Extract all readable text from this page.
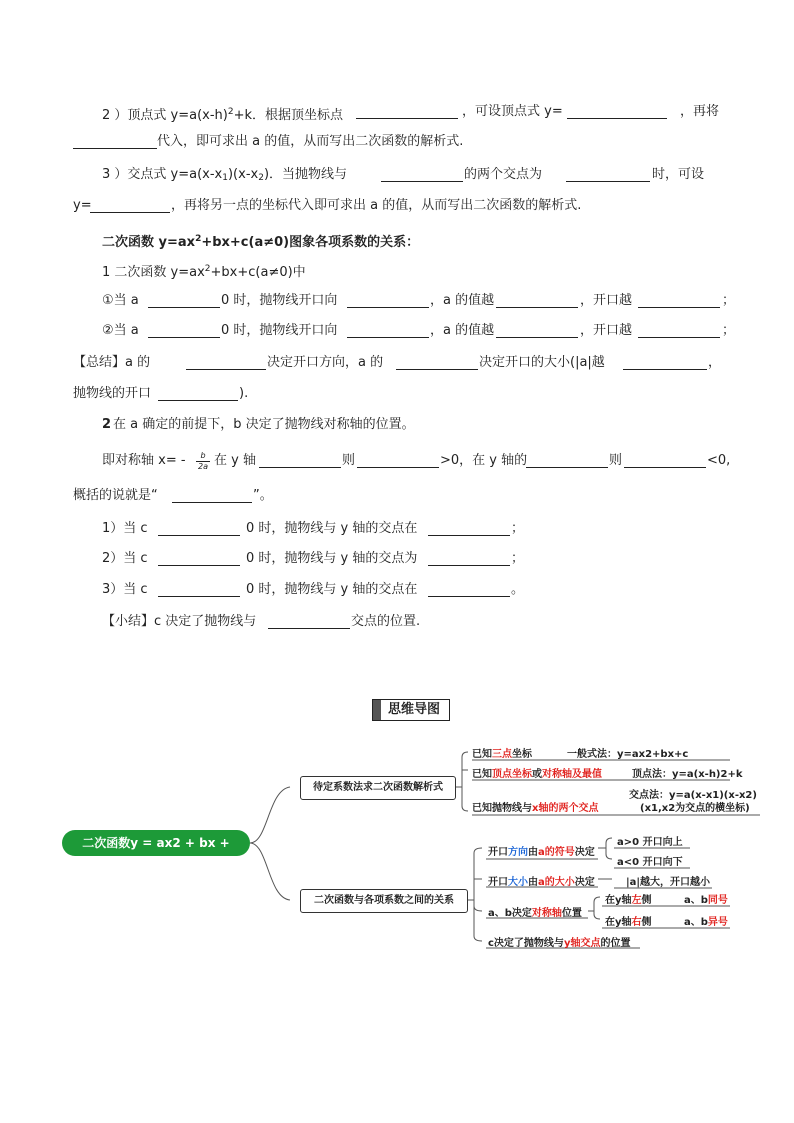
2 ）顶点式 $y=a(x-h)^2+k$．根据顶坐标点	，可设顶点式 y=	，再将
代入，即可求出 a 的值，从而写出二次函数的解析式.
3 ）交点式 $y=a(x-x_1)(x-x_2)$．当抛物线与	的两个交点为	时，可设
y=	，再将另一点的坐标代入即可求出 a 的值，从而写出二次函数的解析式.
二次函数 $y=ax^2+bx+c(a\ne 0)$图象各项系数的关系：
1 二次函数 $y=ax^2+bx+c(a\ne 0)$中
①当 a	0 时，抛物线开口向	，a 的值越	，开口越	；
②当 a	0 时，抛物线开口向	，a 的值越	，开口越	；
【总结】a 的	决定开口方向，a 的	决定开口的大小(|a|越	，
抛物线的开口	).
2 在 a 确定的前提下，b 决定了抛物线对称轴的位置。
即对称轴 $x= - \frac{b}{2a}$ 在 y 轴	则	>0，在 y 轴的	则	<0,
概括的说就是“	”。
1）当 c	0 时，抛物线与 y 轴的交点在	；
2）当 c	0 时，抛物线与 y 轴的交点为	；
3）当 c	0 时，抛物线与 y 轴的交点在	。
【小结】c 决定了抛物线与	交点的位置.
思维导图
二次函数y = ax2 + bx + c(a≠0)
待定系数法求二次函数解析式
二次函数与各项系数之间的关系
已知三点坐标	一般式法：y=ax2+bx+c
已知顶点坐标或对称轴及最值	顶点法：y=a(x-h)2+k
已知抛物线与x轴的两个交点
交点法：y=a(x-x1)(x-x2)
(x1,x2为交点的横坐标)
开口方向由a的符号决定
a>0 开口向上
a<0 开口向下
开口大小由a的大小决定	|a|越大，开口越小
a、b决定对称轴位置
在y轴左侧	a、b同号
在y轴右侧	a、b异号
c决定了抛物线与y轴交点的位置
